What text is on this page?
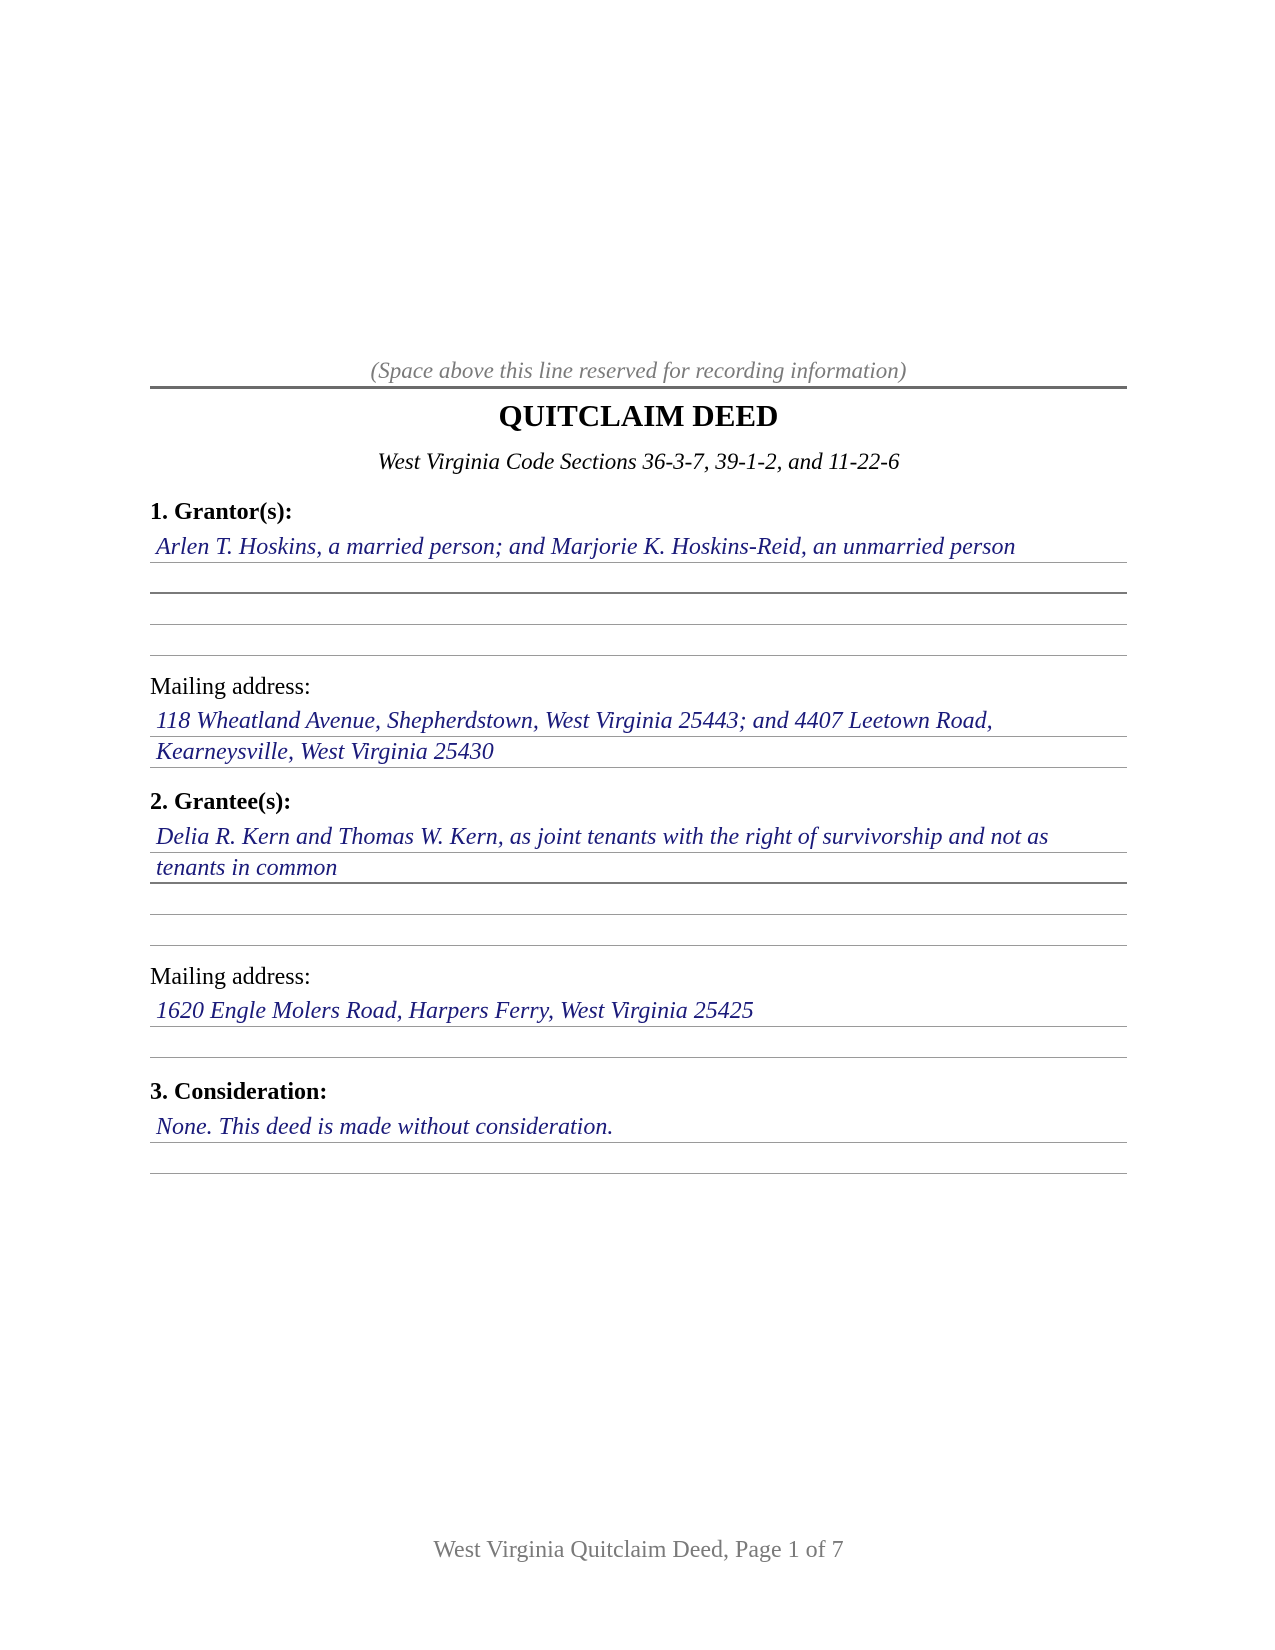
(Space above this line reserved for recording information)
QUITCLAIM DEED
West Virginia Code Sections 36-3-7, 39-1-2, and 11-22-6
1. Grantor(s):
Arlen T. Hoskins, a married person; and Marjorie K. Hoskins-Reid, an unmarried person
Mailing address:
118 Wheatland Avenue, Shepherdstown, West Virginia 25443; and 4407 Leetown Road,
Kearneysville, West Virginia 25430
2. Grantee(s):
Delia R. Kern and Thomas W. Kern, as joint tenants with the right of survivorship and not as
tenants in common
Mailing address:
1620 Engle Molers Road, Harpers Ferry, West Virginia 25425
3. Consideration:
None. This deed is made without consideration.
West Virginia Quitclaim Deed, Page 1 of 7
